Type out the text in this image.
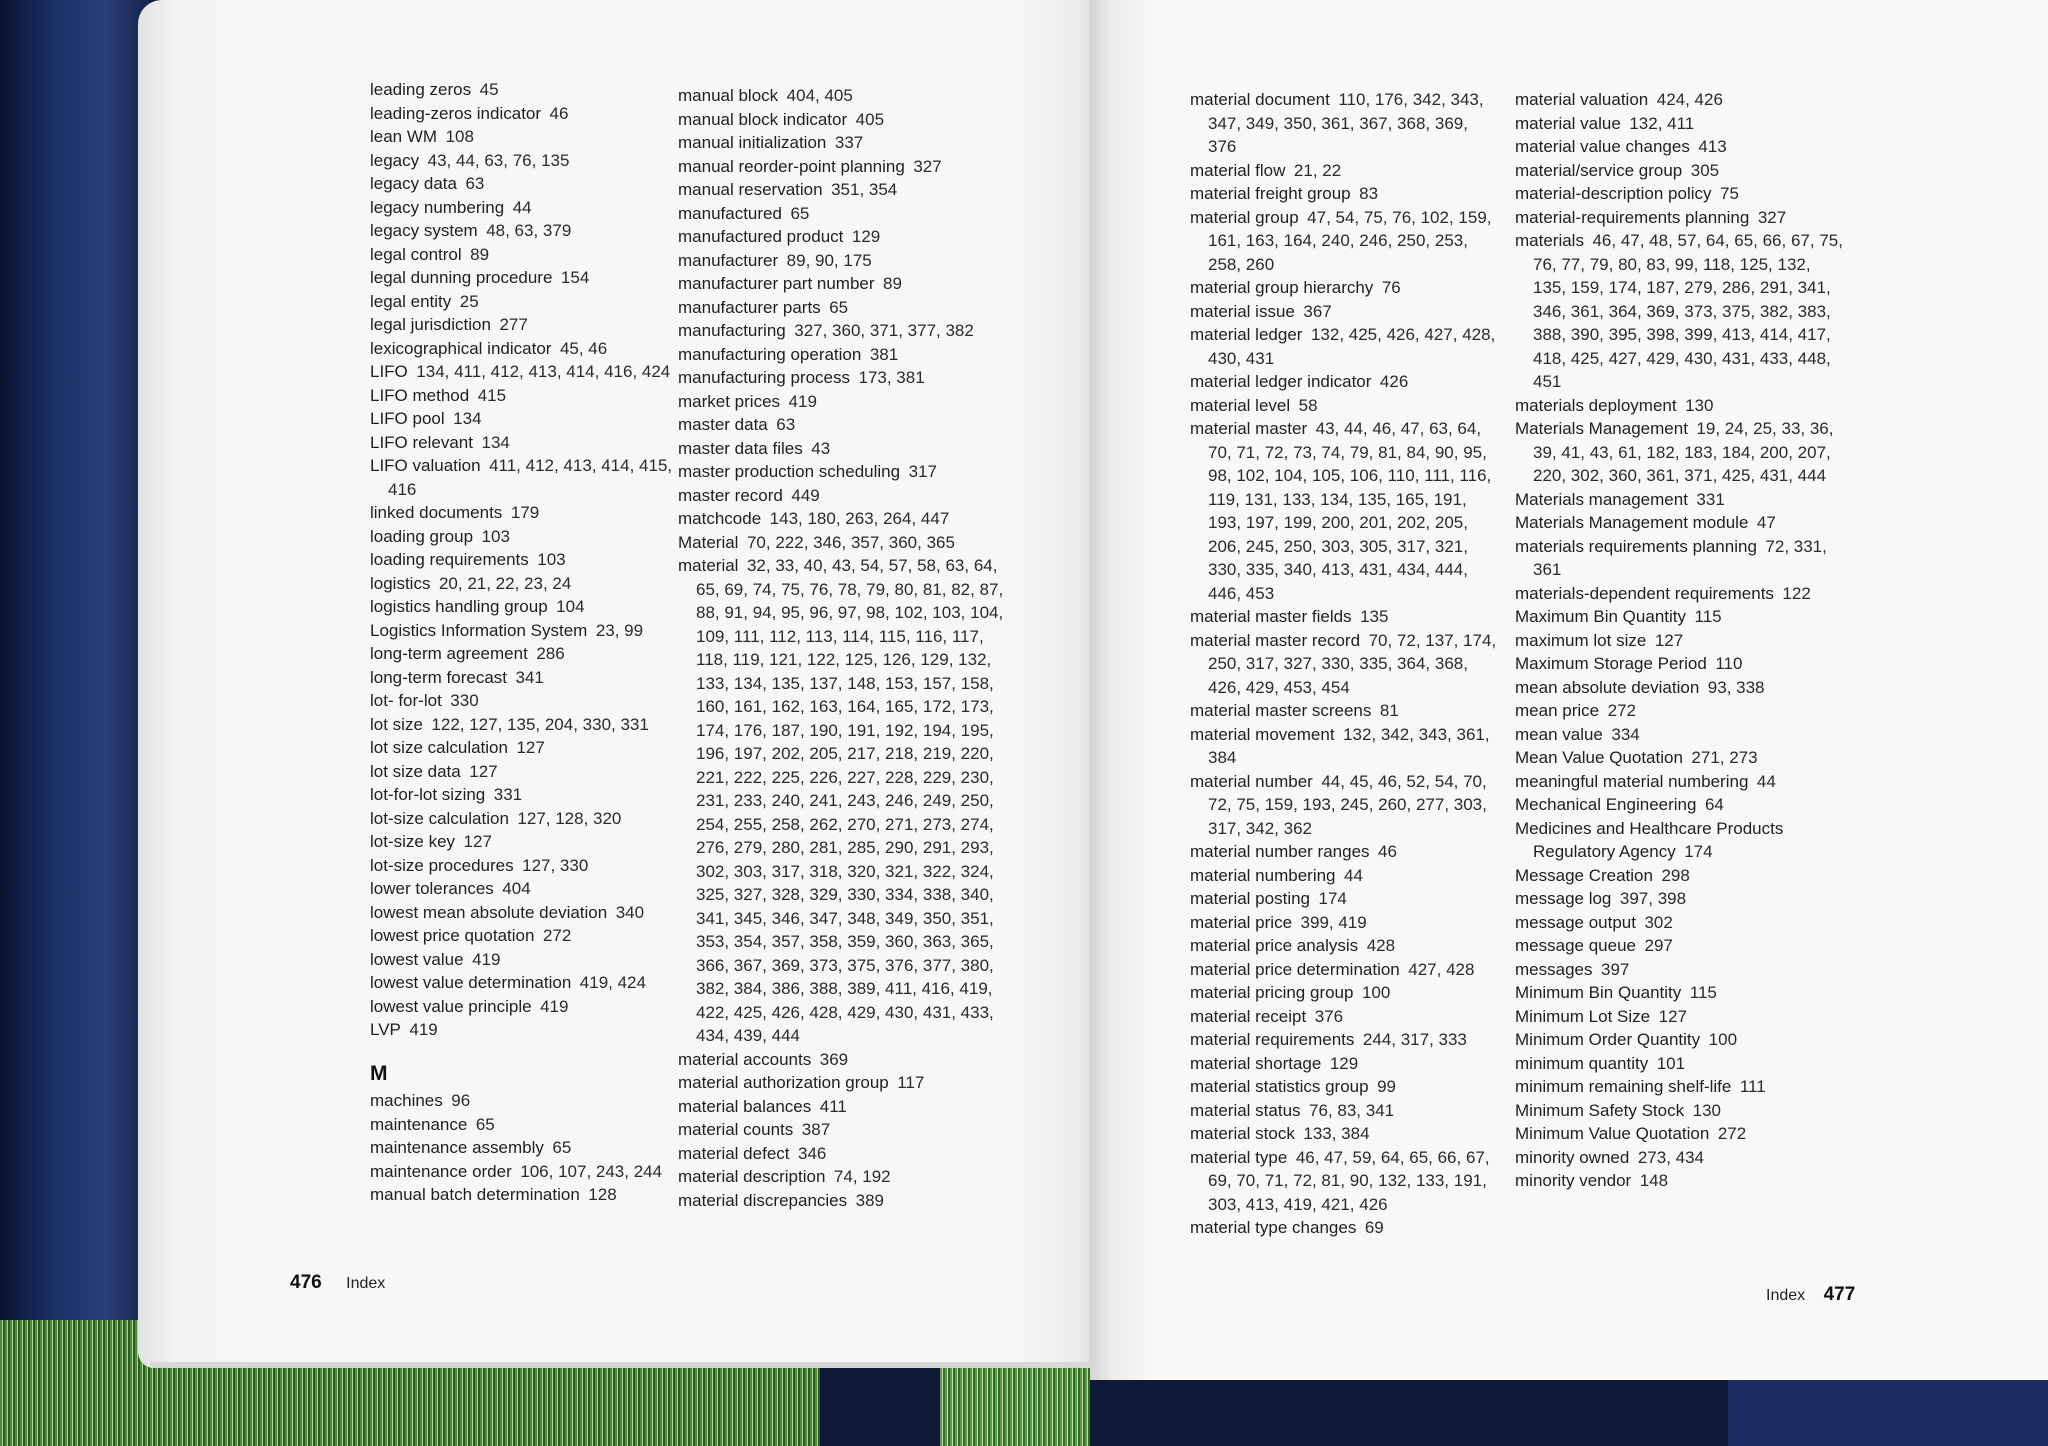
leading zeros  45

leading-zeros indicator  46

lean WM  108

legacy  43, 44, 63, 76, 135

legacy data  63

legacy numbering  44

legacy system  48, 63, 379

legal control  89

legal dunning procedure  154

legal entity  25

legal jurisdiction  277

lexicographical indicator  45, 46

LIFO  134, 411, 412, 413, 414, 416, 424

LIFO method  415

LIFO pool  134

LIFO relevant  134

LIFO valuation  411, 412, 413, 414, 415, 416

linked documents  179

loading group  103

loading requirements  103

logistics  20, 21, 22, 23, 24

logistics handling group  104

Logistics Information System  23, 99

long-term agreement  286

long-term forecast  341

lot- for-lot  330

lot size  122, 127, 135, 204, 330, 331

lot size calculation  127

lot size data  127

lot-for-lot sizing  331

lot-size calculation  127, 128, 320

lot-size key  127

lot-size procedures  127, 330

lower tolerances  404

lowest mean absolute deviation  340

lowest price quotation  272

lowest value  419

lowest value determination  419, 424

lowest value principle  419

LVP  419

M

machines  96

maintenance  65

maintenance assembly  65

maintenance order  106, 107, 243, 244

manual batch determination  128

manual block  404, 405

manual block indicator  405

manual initialization  337

manual reorder-point planning  327

manual reservation  351, 354

manufactured  65

manufactured product  129

manufacturer  89, 90, 175

manufacturer part number  89

manufacturer parts  65

manufacturing  327, 360, 371, 377, 382

manufacturing operation  381

manufacturing process  173, 381

market prices  419

master data  63

master data files  43

master production scheduling  317

master record  449

matchcode  143, 180, 263, 264, 447

Material  70, 222, 346, 357, 360, 365

material  32, 33, 40, 43, 54, 57, 58, 63, 64, 65, 69, 74, 75, 76, 78, 79, 80, 81, 82, 87, 88, 91, 94, 95, 96, 97, 98, 102, 103, 104, 109, 111, 112, 113, 114, 115, 116, 117, 118, 119, 121, 122, 125, 126, 129, 132, 133, 134, 135, 137, 148, 153, 157, 158, 160, 161, 162, 163, 164, 165, 172, 173, 174, 176, 187, 190, 191, 192, 194, 195, 196, 197, 202, 205, 217, 218, 219, 220, 221, 222, 225, 226, 227, 228, 229, 230, 231, 233, 240, 241, 243, 246, 249, 250, 254, 255, 258, 262, 270, 271, 273, 274, 276, 279, 280, 281, 285, 290, 291, 293, 302, 303, 317, 318, 320, 321, 322, 324, 325, 327, 328, 329, 330, 334, 338, 340, 341, 345, 346, 347, 348, 349, 350, 351, 353, 354, 357, 358, 359, 360, 363, 365, 366, 367, 369, 373, 375, 376, 377, 380, 382, 384, 386, 388, 389, 411, 416, 419, 422, 425, 426, 428, 429, 430, 431, 433, 434, 439, 444

material accounts  369

material authorization group  117

material balances  411

material counts  387

material defect  346

material description  74, 192

material discrepancies  389

476 Index

material document  110, 176, 342, 343, 347, 349, 350, 361, 367, 368, 369, 376

material flow  21, 22

material freight group  83

material group  47, 54, 75, 76, 102, 159, 161, 163, 164, 240, 246, 250, 253, 258, 260

material group hierarchy  76

material issue  367

material ledger  132, 425, 426, 427, 428, 430, 431

material ledger indicator  426

material level  58

material master  43, 44, 46, 47, 63, 64, 70, 71, 72, 73, 74, 79, 81, 84, 90, 95, 98, 102, 104, 105, 106, 110, 111, 116, 119, 131, 133, 134, 135, 165, 191, 193, 197, 199, 200, 201, 202, 205, 206, 245, 250, 303, 305, 317, 321, 330, 335, 340, 413, 431, 434, 444, 446, 453

material master fields  135

material master record  70, 72, 137, 174, 250, 317, 327, 330, 335, 364, 368, 426, 429, 453, 454

material master screens  81

material movement  132, 342, 343, 361, 384

material number  44, 45, 46, 52, 54, 70, 72, 75, 159, 193, 245, 260, 277, 303, 317, 342, 362

material number ranges  46

material numbering  44

material posting  174

material price  399, 419

material price analysis  428

material price determination  427, 428

material pricing group  100

material receipt  376

material requirements  244, 317, 333

material shortage  129

material statistics group  99

material status  76, 83, 341

material stock  133, 384

material type  46, 47, 59, 64, 65, 66, 67, 69, 70, 71, 72, 81, 90, 132, 133, 191, 303, 413, 419, 421, 426

material type changes  69

material valuation  424, 426

material value  132, 411

material value changes  413

material/service group  305

material-description policy  75

material-requirements planning  327

materials  46, 47, 48, 57, 64, 65, 66, 67, 75, 76, 77, 79, 80, 83, 99, 118, 125, 132, 135, 159, 174, 187, 279, 286, 291, 341, 346, 361, 364, 369, 373, 375, 382, 383, 388, 390, 395, 398, 399, 413, 414, 417, 418, 425, 427, 429, 430, 431, 433, 448, 451

materials deployment  130

Materials Management  19, 24, 25, 33, 36, 39, 41, 43, 61, 182, 183, 184, 200, 207, 220, 302, 360, 361, 371, 425, 431, 444

Materials management  331

Materials Management module  47

materials requirements planning  72, 331, 361

materials-dependent requirements  122

Maximum Bin Quantity  115

maximum lot size  127

Maximum Storage Period  110

mean absolute deviation  93, 338

mean price  272

mean value  334

Mean Value Quotation  271, 273

meaningful material numbering  44

Mechanical Engineering  64

Medicines and Healthcare Products Regulatory Agency  174

Message Creation  298

message log  397, 398

message output  302

message queue  297

messages  397

Minimum Bin Quantity  115

Minimum Lot Size  127

Minimum Order Quantity  100

minimum quantity  101

minimum remaining shelf-life  111

Minimum Safety Stock  130

Minimum Value Quotation  272

minority owned  273, 434

minority vendor  148

Index 477
